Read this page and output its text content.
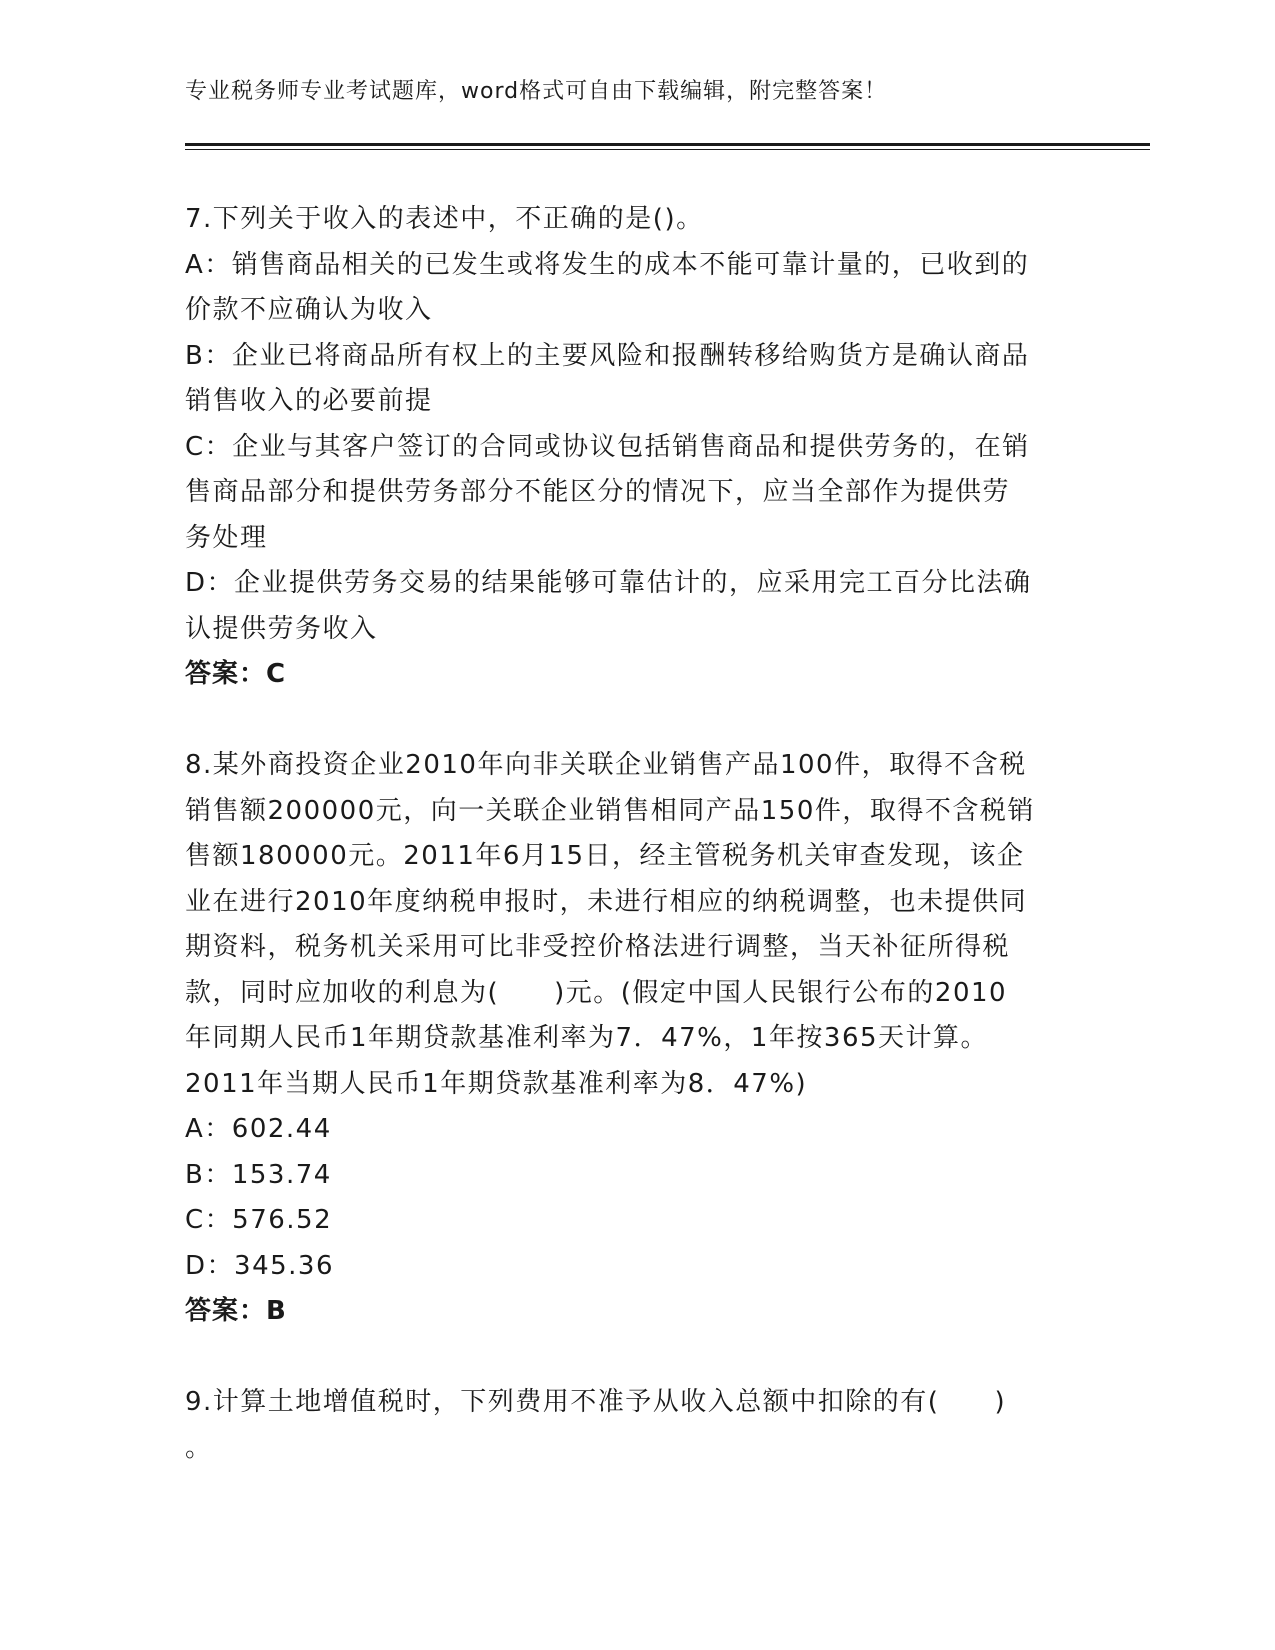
专业税务师专业考试题库，word格式可自由下载编辑，附完整答案！
7.下列关于收入的表述中，不正确的是()。
A：销售商品相关的已发生或将发生的成本不能可靠计量的，已收到的
价款不应确认为收入
B：企业已将商品所有权上的主要风险和报酬转移给购货方是确认商品
销售收入的必要前提
C：企业与其客户签订的合同或协议包括销售商品和提供劳务的，在销
售商品部分和提供劳务部分不能区分的情况下，应当全部作为提供劳
务处理
D：企业提供劳务交易的结果能够可靠估计的，应采用完工百分比法确
认提供劳务收入
答案：C
8.某外商投资企业2010年向非关联企业销售产品100件，取得不含税
销售额200000元，向一关联企业销售相同产品150件，取得不含税销
售额180000元。2011年6月15日，经主管税务机关审查发现，该企
业在进行2010年度纳税申报时，未进行相应的纳税调整，也未提供同
期资料，税务机关采用可比非受控价格法进行调整，当天补征所得税
款，同时应加收的利息为(　　)元。(假定中国人民银行公布的2010
年同期人民币1年期贷款基准利率为7．47%，1年按365天计算。
2011年当期人民币1年期贷款基准利率为8．47%)
A：602.44
B：153.74
C：576.52
D：345.36
答案：B
9.计算土地增值税时，下列费用不准予从收入总额中扣除的有(　　)
。
